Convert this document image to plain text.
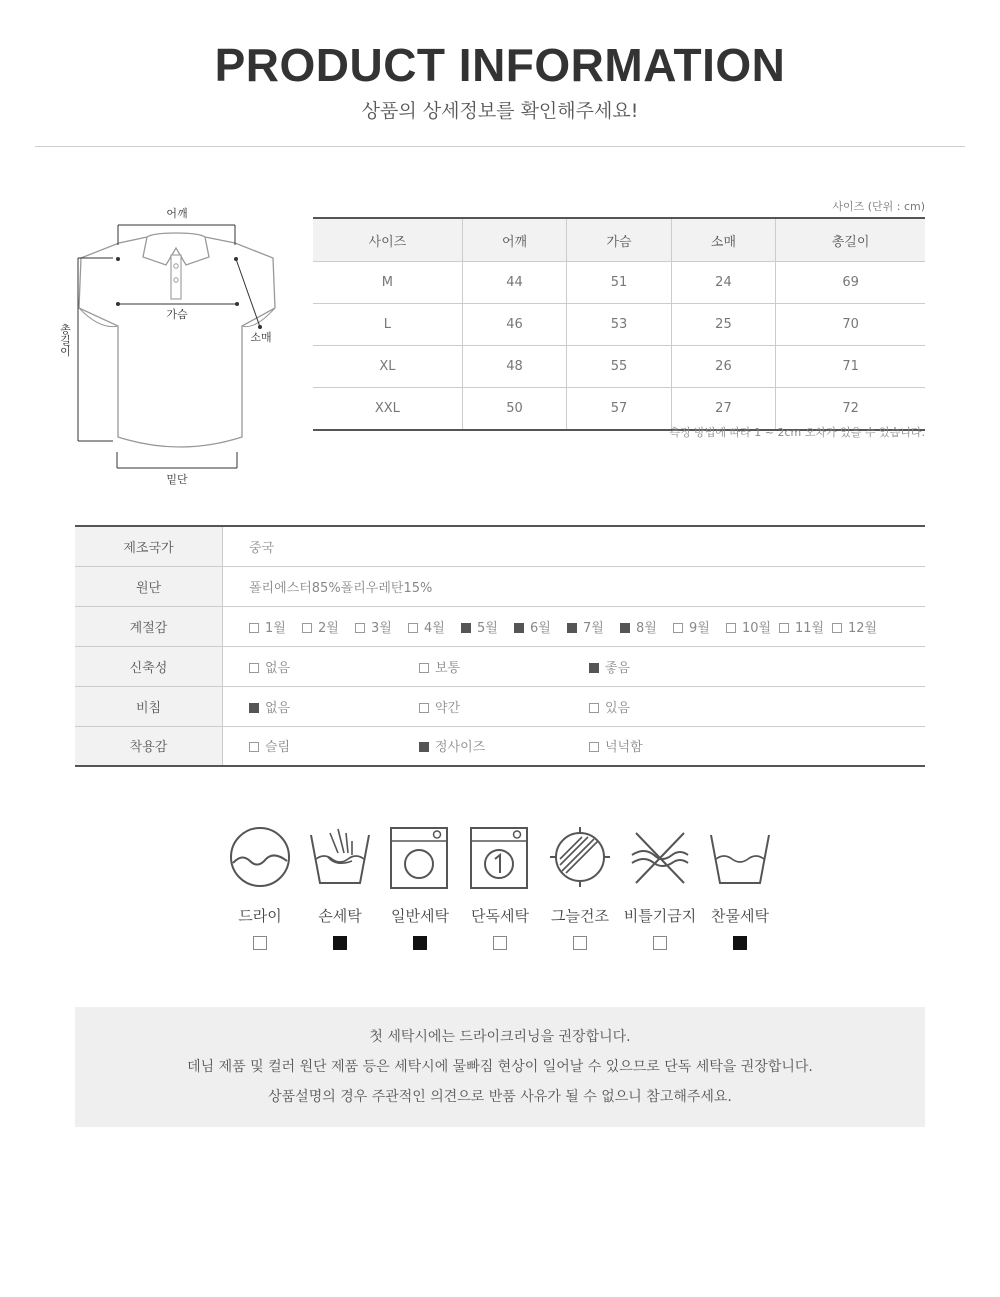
PRODUCT INFORMATION
상품의 상세정보를 확인해주세요!
어깨
가슴
소매
총길이
밑단
사이즈 (단위 : cm)
사이즈	어깨	가슴	소매	총길이
M	44	51	24	69
L	46	53	25	70
XL	48	55	26	71
XXL	50	57	27	72
측정 방법에 따라 1 ~ 2cm 오차가 있을 수 있습니다.
제조국가	중국
원단	폴리에스터85%폴리우레탄15%
계절감	1월 2월 3월 4월 5월 6월 7월 8월 9월 10월 11월 12월
신축성	없음 보통 좋음
비침	없음 약간 있음
착용감	슬림 정사이즈 넉넉함
드라이	손세탁	일반세탁	단독세탁	그늘건조 비틀기금지 찬물세탁

첫 세탁시에는 드라이크리닝을 권장합니다.

데님 제품 및 컬러 원단 제품 등은 세탁시에 물빠짐 현상이 일어날 수 있으므로 단독 세탁을 권장합니다.

상품설명의 경우 주관적인 의견으로 반품 사유가 될 수 없으니 참고해주세요.
